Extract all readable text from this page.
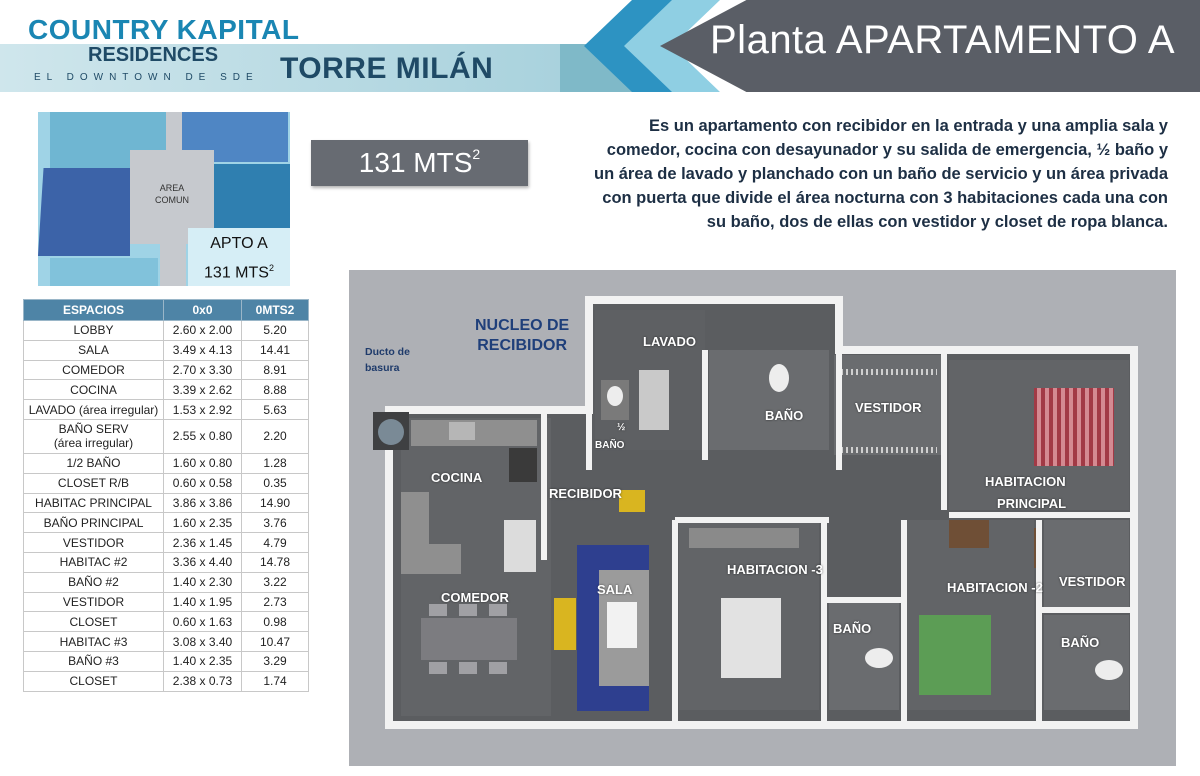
COUNTRY KAPITAL
RESIDENCES
EL DOWNTOWN DE SDE TORRE MILÁN
Planta APARTAMENTO A
AREA
COMUN
APTO A
131 MTS$^2$
131 MTS$^2$
Es un apartamento con recibidor en la entrada y una amplia sala y comedor, cocina con desayunador y su salida de emergencia, ½ baño y un área de lavado y planchado con un baño de servicio y un área privada con puerta que divide el área nocturna con 3 habitaciones cada una con su baño, dos de ellas con vestidor y closet de ropa blanca.
ESPACIOS	0x0	0MTS2
LOBBY	2.60 x 2.00	5.20
SALA	3.49 x 4.13	14.41
COMEDOR	2.70 x 3.30	8.91
COCINA	3.39 x 2.62	8.88
LAVADO (área irregular)	1.53 x 2.92	5.63
BAÑO SERV
(área irregular)	2.55 x 0.80	2.20
1/2 BAÑO	1.60 x 0.80	1.28
CLOSET R/B	0.60 x 0.58	0.35
HABITAC PRINCIPAL	3.86 x 3.86	14.90
BAÑO PRINCIPAL	1.60 x 2.35	3.76
VESTIDOR	2.36 x 1.45	4.79
HABITAC #2	3.36 x 4.40	14.78
BAÑO #2	1.40 x 2.30	3.22
VESTIDOR	1.40 x 1.95	2.73
CLOSET	0.60 x 1.63	0.98
HABITAC #3	3.08 x 3.40	10.47
BAÑO #3	1.40 x 2.35	3.29
CLOSET	2.38 x 0.73	1.74
Ducto de
basura
NUCLEO DE
RECIBIDOR	LAVADO
BAÑO
½
BAÑO
COCINA
RECIBIDOR
COMEDOR
SALA
VESTIDOR
HABITACION
PRINCIPAL
HABITACION -3
BAÑO
HABITACION -2 VESTIDOR
BAÑO
